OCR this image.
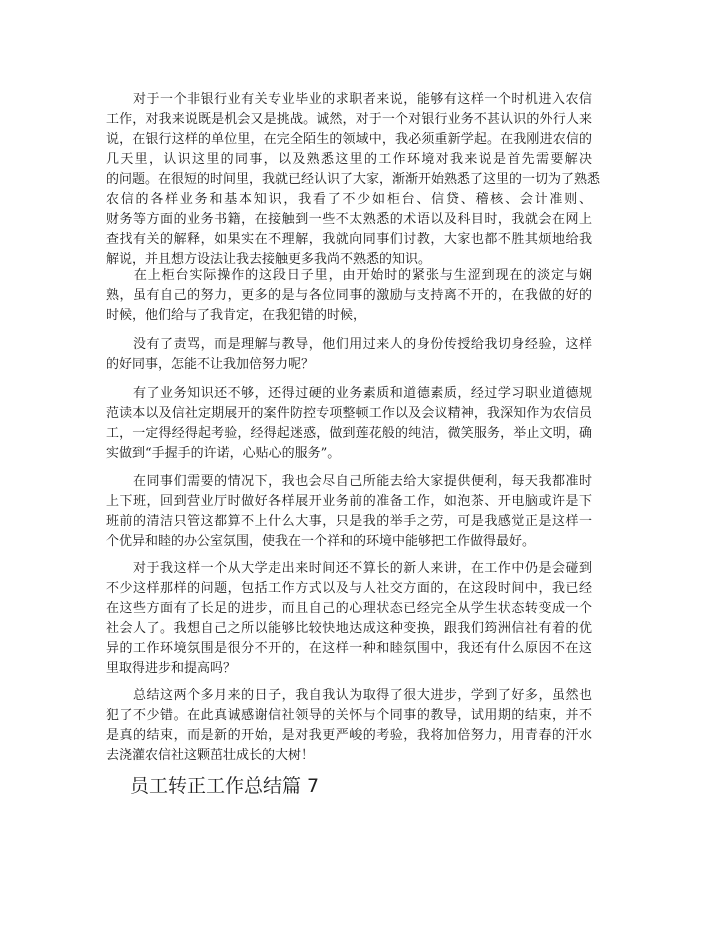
　　对于一个非银行业有关专业毕业的求职者来说，能够有这样一个时机进入农信
工作，对我来说既是机会又是挑战。诚然，对于一个对银行业务不甚认识的外行人来
说，在银行这样的单位里，在完全陌生的领域中，我必须重新学起。在我刚进农信的
几天里，认识这里的同事，以及熟悉这里的工作环境对我来说是首先需要解决
的问题。在很短的时间里，我就已经认识了大家，渐渐开始熟悉了这里的一切为了熟悉
农信的各样业务和基本知识，我看了不少如柜台、信贷、稽核、会计准则、
财务等方面的业务书籍，在接触到一些不太熟悉的术语以及科目时，我就会在网上
查找有关的解释，如果实在不理解，我就向同事们讨教，大家也都不胜其烦地给我
解说，并且想方设法让我去接触更多我尚不熟悉的知识。
　　在上柜台实际操作的这段日子里，由开始时的紧张与生涩到现在的淡定与娴
熟，虽有自己的努力，更多的是与各位同事的激励与支持离不开的，在我做的好的
时候，他们给与了我肯定，在我犯错的时候，
　　没有了责骂，而是理解与教导，他们用过来人的身份传授给我切身经验，这样
的好同事，怎能不让我加倍努力呢？
　　有了业务知识还不够，还得过硬的业务素质和道德素质，经过学习职业道德规
范读本以及信社定期展开的案件防控专项整顿工作以及会议精神，我深知作为农信员
工，一定得经得起考验，经得起迷惑，做到莲花般的纯洁，微笑服务，举止文明，确
实做到“手握手的许诺，心贴心的服务”。
　　在同事们需要的情况下，我也会尽自己所能去给大家提供便利，每天我都准时
上下班，回到营业厅时做好各样展开业务前的准备工作，如泡茶、开电脑或许是下
班前的清洁只管这都算不上什么大事，只是我的举手之劳，可是我感觉正是这样一
个优异和睦的办公室氛围，使我在一个祥和的环境中能够把工作做得最好。
　　对于我这样一个从大学走出来时间还不算长的新人来讲，在工作中仍是会碰到
不少这样那样的问题，包括工作方式以及与人社交方面的，在这段时间中，我已经
在这些方面有了长足的进步，而且自己的心理状态已经完全从学生状态转变成一个
社会人了。我想自己之所以能够比较快地达成这种变换，跟我们筠洲信社有着的优
异的工作环境氛围是很分不开的，在这样一种和睦氛围中，我还有什么原因不在这
里取得进步和提高吗？
　　总结这两个多月来的日子，我自我认为取得了很大进步，学到了好多，虽然也
犯了不少错。在此真诚感谢信社领导的关怀与个同事的教导，试用期的结束，并不
是真的结束，而是新的开始，是对我更严峻的考验，我将加倍努力，用青春的汗水
去浇灌农信社这颗茁壮成长的大树！
员工转正工作总结篇 7
